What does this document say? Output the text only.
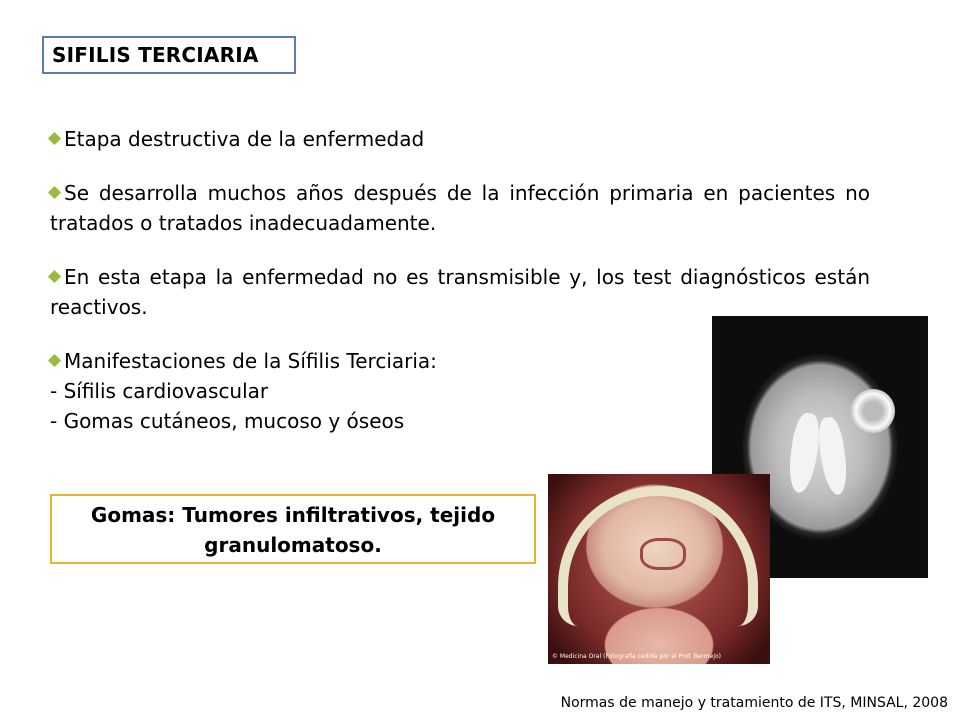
SIFILIS TERCIARIA

Etapa destructiva de la enfermedad

Se desarrolla muchos años después de la infección primaria en pacientes no tratados o tratados inadecuadamente.

En esta etapa la enfermedad no es transmisible y, los test diagnósticos están reactivos.

Manifestaciones de la Sífilis Terciaria:
- Sífilis cardiovascular
- Gomas cutáneos, mucoso y óseos

Gomas: Tumores infiltrativos, tejido granulomatoso.
© Medicina Oral (Fotografía cedida por el Prof. Bermejo)
Normas de manejo y tratamiento de ITS, MINSAL, 2008
